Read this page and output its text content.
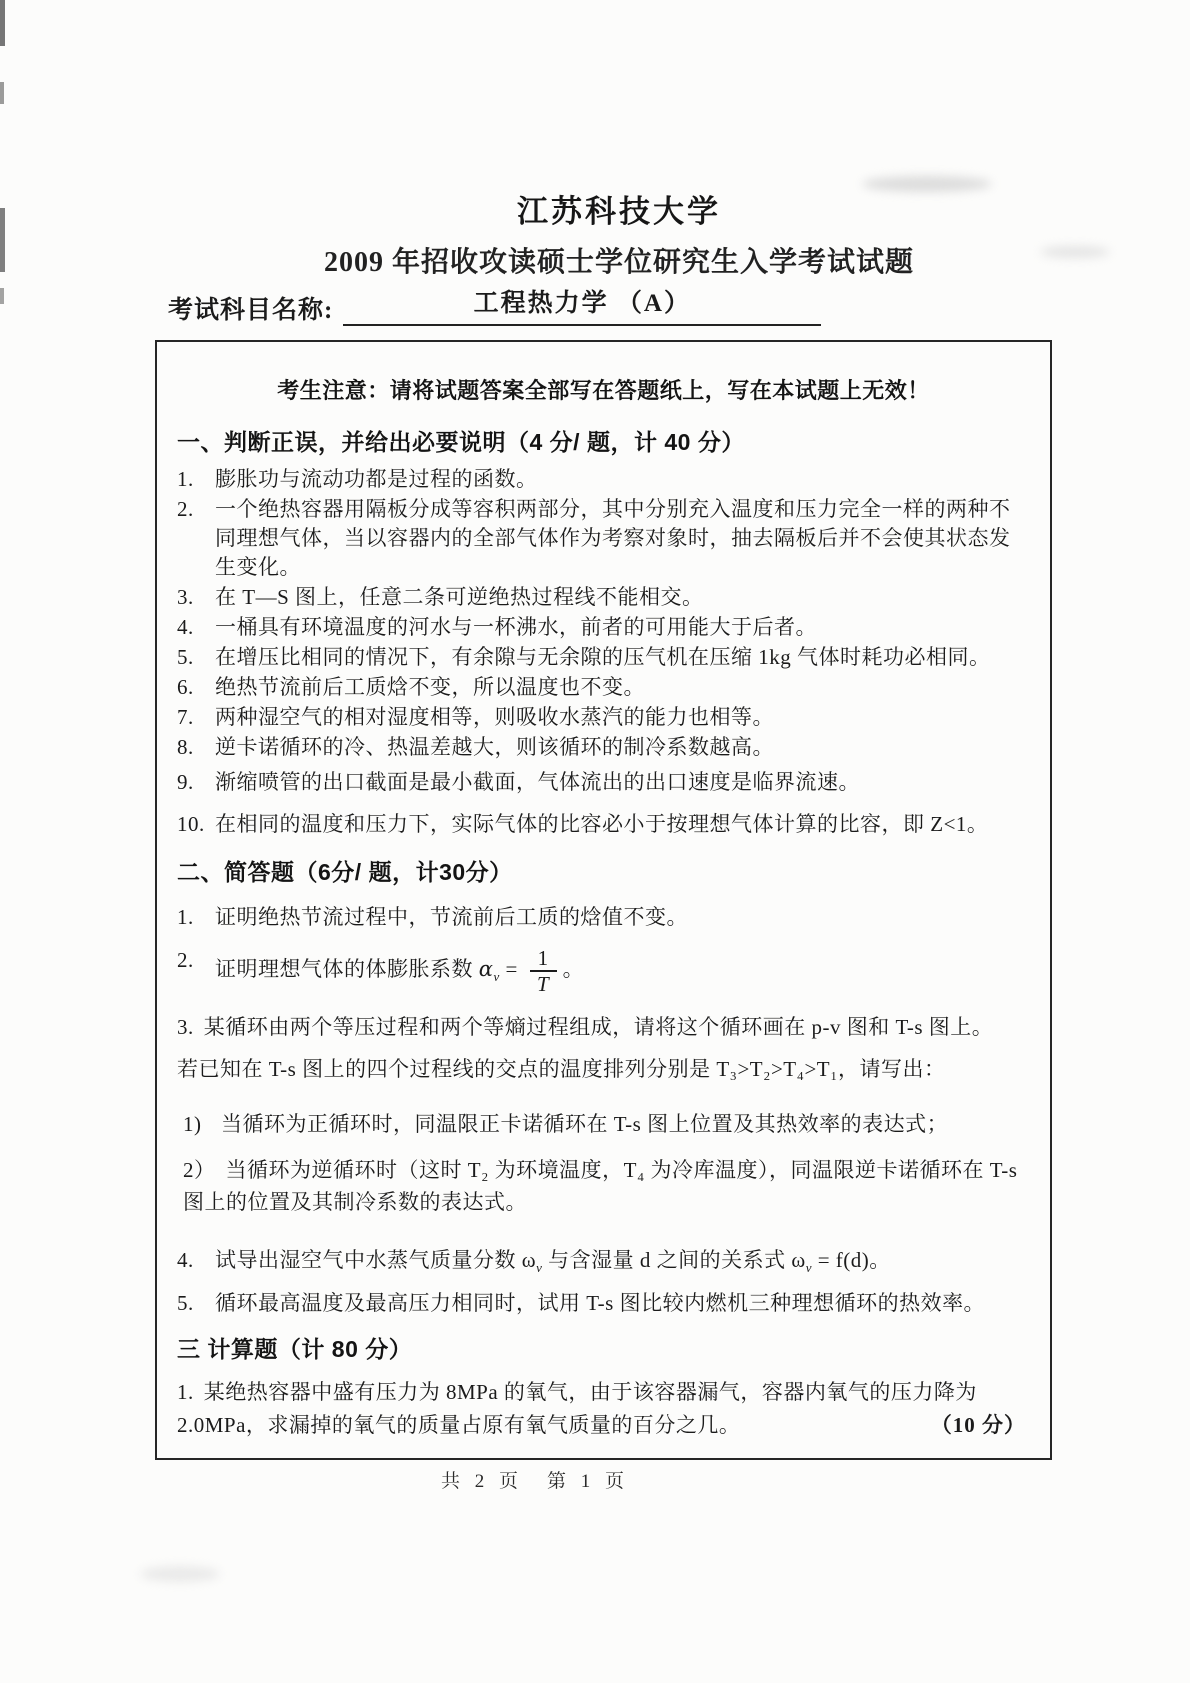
江苏科技大学
2009 年招收攻读硕士学位研究生入学考试试题
考试科目名称:	工程热力学 （A）
考生注意：请将试题答案全部写在答题纸上，写在本试题上无效！
一、判断正误，并给出必要说明（4 分/ 题，计 40 分）
1.	膨胀功与流动功都是过程的函数。
2.	一个绝热容器用隔板分成等容积两部分，其中分别充入温度和压力完全一样的两种不同理想气体，当以容器内的全部气体作为考察对象时，抽去隔板后并不会使其状态发生变化。
3.	在 T—S 图上，任意二条可逆绝热过程线不能相交。
4.	一桶具有环境温度的河水与一杯沸水，前者的可用能大于后者。
5.	在增压比相同的情况下，有余隙与无余隙的压气机在压缩 1kg 气体时耗功必相同。
6.	绝热节流前后工质焓不变，所以温度也不变。
7.	两种湿空气的相对湿度相等，则吸收水蒸汽的能力也相等。
8.	逆卡诺循环的冷、热温差越大，则该循环的制冷系数越高。
9.	渐缩喷管的出口截面是最小截面，气体流出的出口速度是临界流速。
10. 在相同的温度和压力下，实际气体的比容必小于按理想气体计算的比容，即 Z<1。
二、简答题（6分/ 题，计30分）
1.	证明绝热节流过程中，节流前后工质的焓值不变。
2.	证明理想气体的体膨胀系数 $\alpha_v = \frac{1}{T}$ 。
3. 某循环由两个等压过程和两个等熵过程组成，请将这个循环画在 p-v 图和 T-s 图上。
若已知在 T-s 图上的四个过程线的交点的温度排列分别是 T₃>T₂>T₄>T₁，请写出：
1) 当循环为正循环时，同温限正卡诺循环在 T-s 图上位置及其热效率的表达式；
2） 当循环为逆循环时（这时 T₂ 为环境温度，T₄ 为冷库温度），同温限逆卡诺循环在 T-s 图上的位置及其制冷系数的表达式。
4.	试导出湿空气中水蒸气质量分数 $\omega_v$ 与含湿量 d 之间的关系式 $\omega_v = f(d)$。
5.	循环最高温度及最高压力相同时，试用 T-s 图比较内燃机三种理想循环的热效率。
三 计算题（计 80 分）
1. 某绝热容器中盛有压力为 8MPa 的氧气，由于该容器漏气，容器内氧气的压力降为 2.0MPa，求漏掉的氧气的质量占原有氧气质量的百分之几。	（10 分）
共 2 页　第 1 页
